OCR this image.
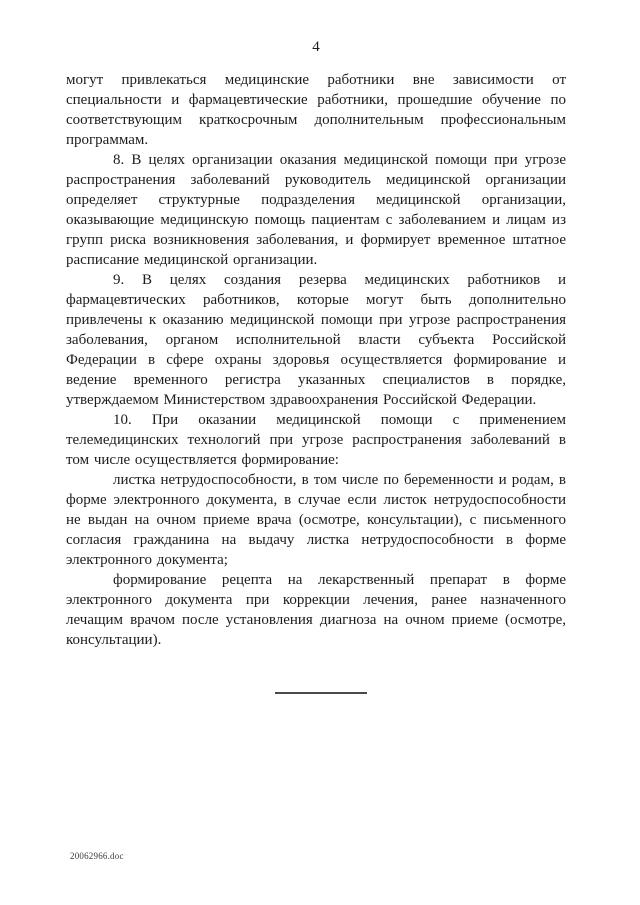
4

могут привлекаться медицинские работники вне зависимости от специальности и фармацевтические работники, прошедшие обучение по соответствующим краткосрочным дополнительным профессиональным программам.

8. В целях организации оказания медицинской помощи при угрозе распространения заболеваний руководитель медицинской организации определяет структурные подразделения медицинской организации, оказывающие медицинскую помощь пациентам с заболеванием и лицам из групп риска возникновения заболевания, и формирует временное штатное расписание медицинской организации.

9. В целях создания резерва медицинских работников и фармацевтических работников, которые могут быть дополнительно привлечены к оказанию медицинской помощи при угрозе распространения заболевания, органом исполнительной власти субъекта Российской Федерации в сфере охраны здоровья осуществляется формирование и ведение временного регистра указанных специалистов в порядке, утверждаемом Министерством здравоохранения Российской Федерации.

10. При оказании медицинской помощи с применением телемедицинских технологий при угрозе распространения заболеваний в том числе осуществляется формирование:

листка нетрудоспособности, в том числе по беременности и родам, в форме электронного документа, в случае если листок нетрудоспособности не выдан на очном приеме врача (осмотре, консультации), с письменного согласия гражданина на выдачу листка нетрудоспособности в форме электронного документа;

формирование рецепта на лекарственный препарат в форме электронного документа при коррекции лечения, ранее назначенного лечащим врачом после установления диагноза на очном приеме (осмотре, консультации).

20062966.doc
